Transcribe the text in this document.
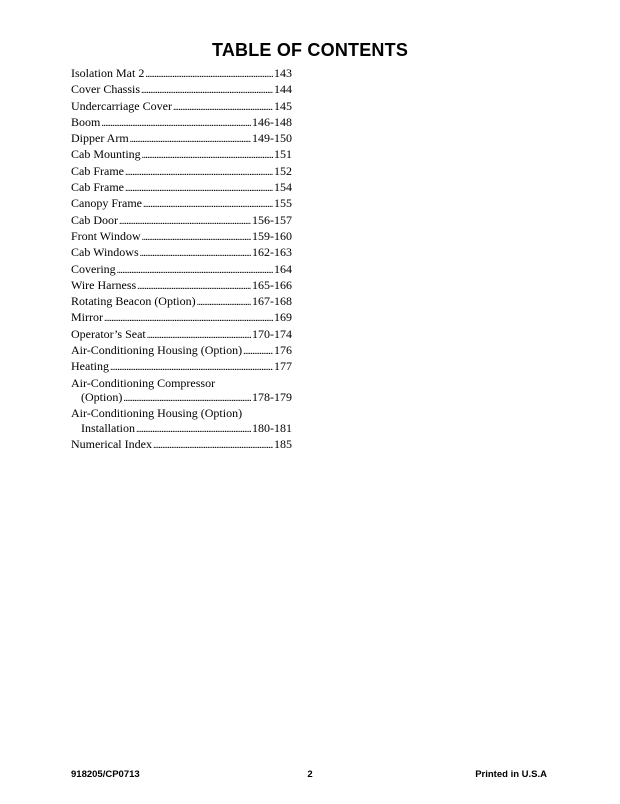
TABLE OF CONTENTS
Isolation Mat 2 . . .	143
Cover Chassis . . .	144
Undercarriage Cover . . .	145
Boom . . .	146-148
Dipper Arm . . .	149-150
Cab Mounting . . .	151
Cab Frame . . .	152
Cab Frame . . .	154
Canopy Frame . . .	155
Cab Door . . .	156-157
Front Window . . .	159-160
Cab Windows . . .	162-163
Covering . . .	164
Wire Harness . . .	165-166
Rotating Beacon (Option) . . .	167-168
Mirror . . .	169
Operator’s Seat . . .	170-174
Air-Conditioning Housing (Option) . . .	176
Heating . . .	177
Air-Conditioning Compressor
(Option) . . .	178-179
Air-Conditioning Housing (Option)
Installation . . .	180-181
Numerical Index . . .	185
918205/CP0713	2	Printed in U.S.A
